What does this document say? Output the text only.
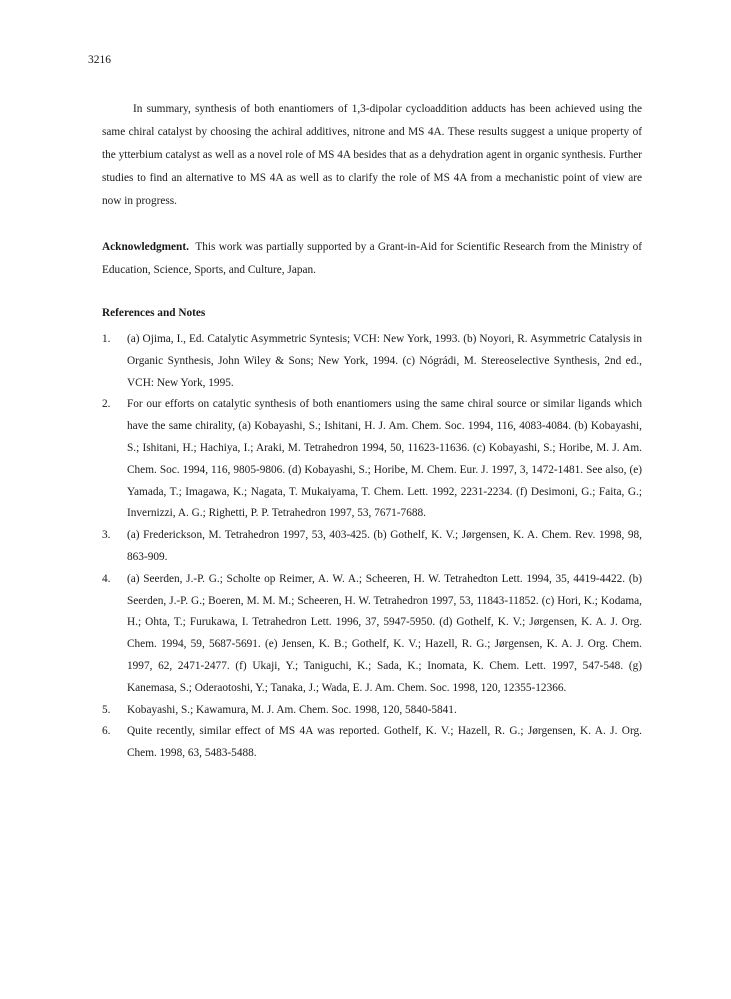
3216

In summary, synthesis of both enantiomers of 1,3-dipolar cycloaddition adducts has been achieved using the same chiral catalyst by choosing the achiral additives, nitrone and MS 4A. These results suggest a unique property of the ytterbium catalyst as well as a novel role of MS 4A besides that as a dehydration agent in organic synthesis. Further studies to find an alternative to MS 4A as well as to clarify the role of MS 4A from a mechanistic point of view are now in progress.

Acknowledgment. This work was partially supported by a Grant-in-Aid for Scientific Research from the Ministry of Education, Science, Sports, and Culture, Japan.

References and Notes

1.	(a) Ojima, I., Ed. Catalytic Asymmetric Syntesis; VCH: New York, 1993. (b) Noyori, R. Asymmetric Catalysis in Organic Synthesis, John Wiley & Sons; New York, 1994. (c) Nógrádi, M. Stereoselective Synthesis, 2nd ed., VCH: New York, 1995.
2.	For our efforts on catalytic synthesis of both enantiomers using the same chiral source or similar ligands which have the same chirality, (a) Kobayashi, S.; Ishitani, H. J. Am. Chem. Soc. 1994, 116, 4083-4084. (b) Kobayashi, S.; Ishitani, H.; Hachiya, I.; Araki, M. Tetrahedron 1994, 50, 11623-11636. (c) Kobayashi, S.; Horibe, M. J. Am. Chem. Soc. 1994, 116, 9805-9806. (d) Kobayashi, S.; Horibe, M. Chem. Eur. J. 1997, 3, 1472-1481. See also, (e) Yamada, T.; Imagawa, K.; Nagata, T. Mukaiyama, T. Chem. Lett. 1992, 2231-2234. (f) Desimoni, G.; Faita, G.; Invernizzi, A. G.; Righetti, P. P. Tetrahedron 1997, 53, 7671-7688.
3.	(a) Frederickson, M. Tetrahedron 1997, 53, 403-425. (b) Gothelf, K. V.; Jørgensen, K. A. Chem. Rev. 1998, 98, 863-909.
4.	(a) Seerden, J.-P. G.; Scholte op Reimer, A. W. A.; Scheeren, H. W. Tetrahedton Lett. 1994, 35, 4419-4422. (b) Seerden, J.-P. G.; Boeren, M. M. M.; Scheeren, H. W. Tetrahedron 1997, 53, 11843-11852. (c) Hori, K.; Kodama, H.; Ohta, T.; Furukawa, I. Tetrahedron Lett. 1996, 37, 5947-5950. (d) Gothelf, K. V.; Jørgensen, K. A. J. Org. Chem. 1994, 59, 5687-5691. (e) Jensen, K. B.; Gothelf, K. V.; Hazell, R. G.; Jørgensen, K. A. J. Org. Chem. 1997, 62, 2471-2477. (f) Ukaji, Y.; Taniguchi, K.; Sada, K.; Inomata, K. Chem. Lett. 1997, 547-548. (g) Kanemasa, S.; Oderaotoshi, Y.; Tanaka, J.; Wada, E. J. Am. Chem. Soc. 1998, 120, 12355-12366.
5.	Kobayashi, S.; Kawamura, M. J. Am. Chem. Soc. 1998, 120, 5840-5841.
6.	Quite recently, similar effect of MS 4A was reported. Gothelf, K. V.; Hazell, R. G.; Jørgensen, K. A. J. Org. Chem. 1998, 63, 5483-5488.
